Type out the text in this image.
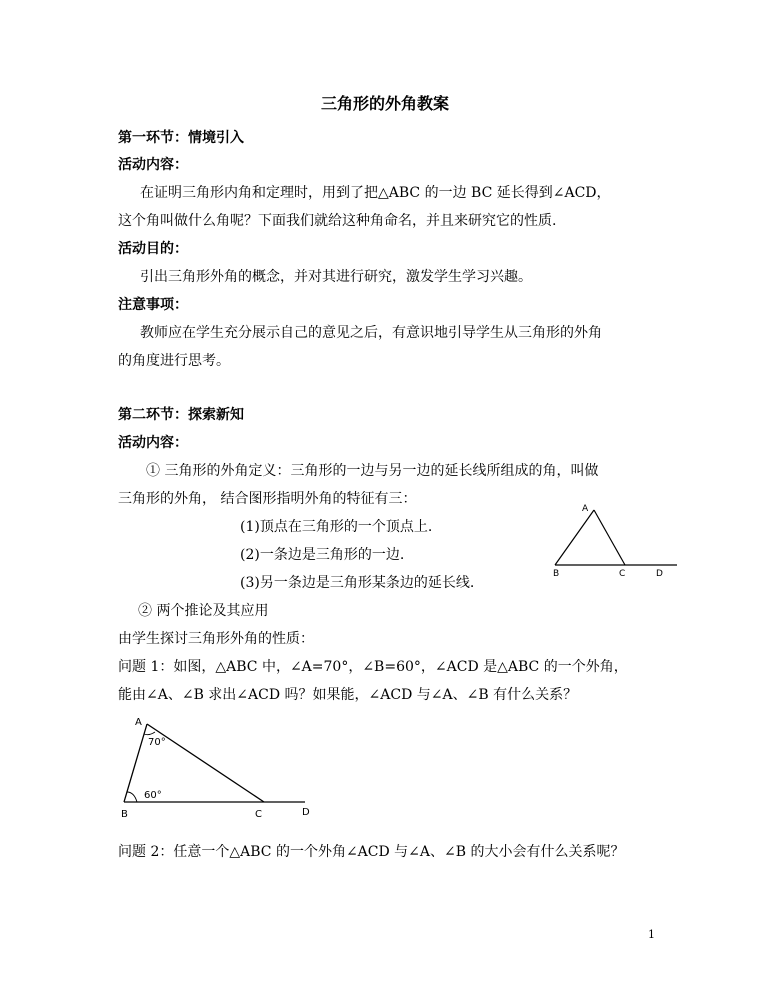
三角形的外角教案
第一环节：情境引入
活动内容：
在证明三角形内角和定理时，用到了把△ABC 的一边 BC 延长得到∠ACD，
这个角叫做什么角呢？下面我们就给这种角命名，并且来研究它的性质.
活动目的：
引出三角形外角的概念，并对其进行研究，激发学生学习兴趣。
注意事项：
教师应在学生充分展示自己的意见之后，有意识地引导学生从三角形的外角
的角度进行思考。
第二环节：探索新知
活动内容：
① 三角形的外角定义：三角形的一边与另一边的延长线所组成的角，叫做
三角形的外角， 结合图形指明外角的特征有三：
(1)顶点在三角形的一个顶点上.
(2)一条边是三角形的一边.
(3)另一条边是三角形某条边的延长线.
② 两个推论及其应用
由学生探讨三角形外角的性质：
问题 1：如图，△ABC 中，∠A=70°，∠B=60°，∠ACD 是△ABC 的一个外角，
能由∠A、∠B 求出∠ACD 吗？如果能，∠ACD 与∠A、∠B 有什么关系？
A
B	C	D
A
70°
60°
B	C	D
问题 2：任意一个△ABC 的一个外角∠ACD 与∠A、∠B 的大小会有什么关系呢？
1
